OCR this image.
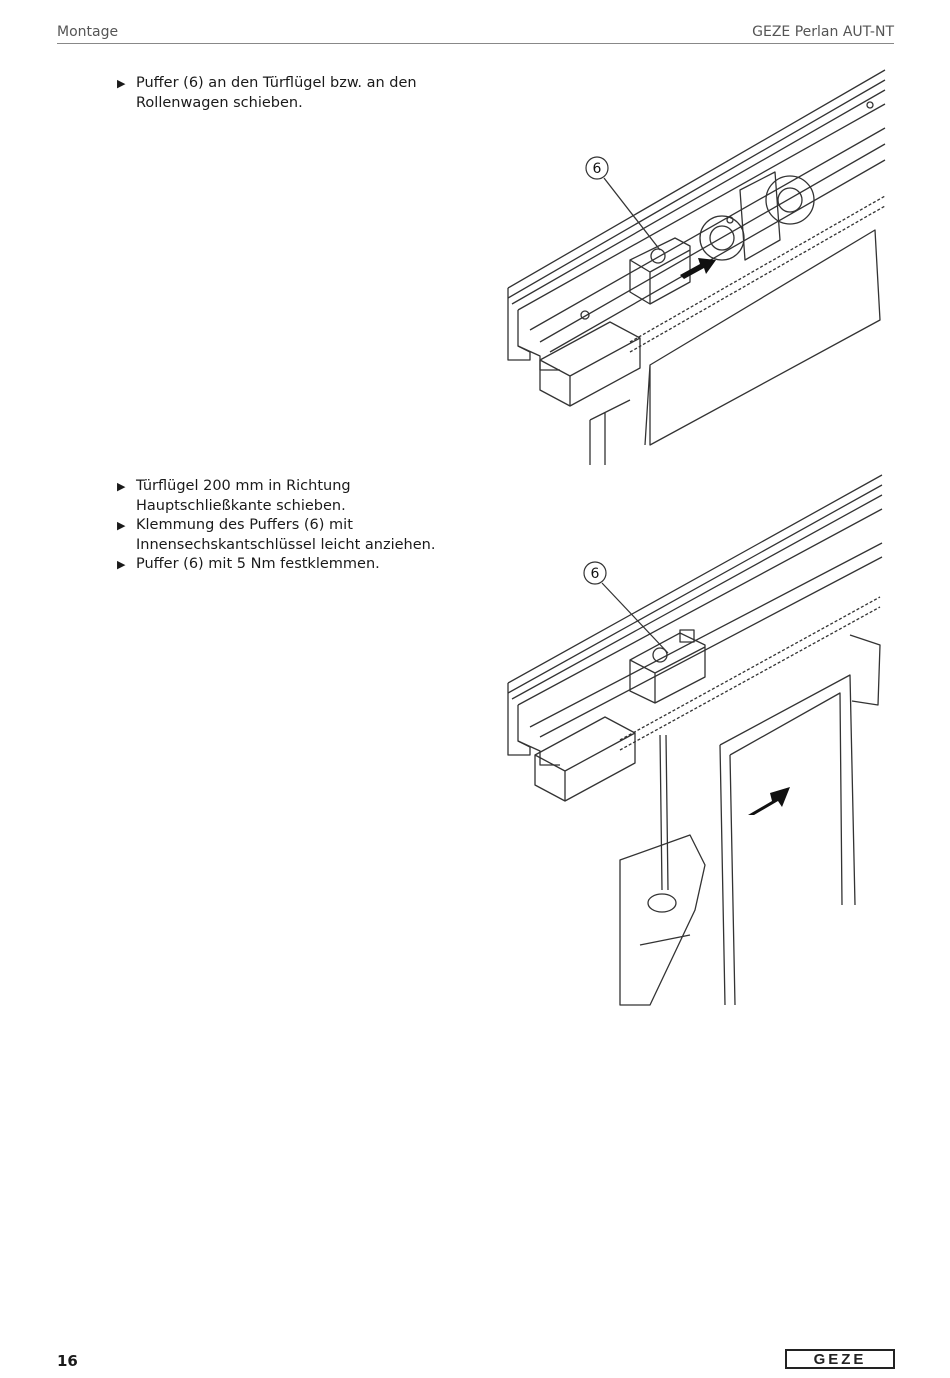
Montage	GEZE Perlan AUT-NT
▶ Puffer (6) an den Türflügel bzw. an den Rollenwagen schieben.
6
▶ Türflügel 200 mm in Richtung Hauptschließkante schieben.
▶ Klemmung des Puffers (6) mit Innensechskantschlüssel leicht anziehen.
▶ Puffer (6) mit 5 Nm festklemmen.
6
16	GEZE
